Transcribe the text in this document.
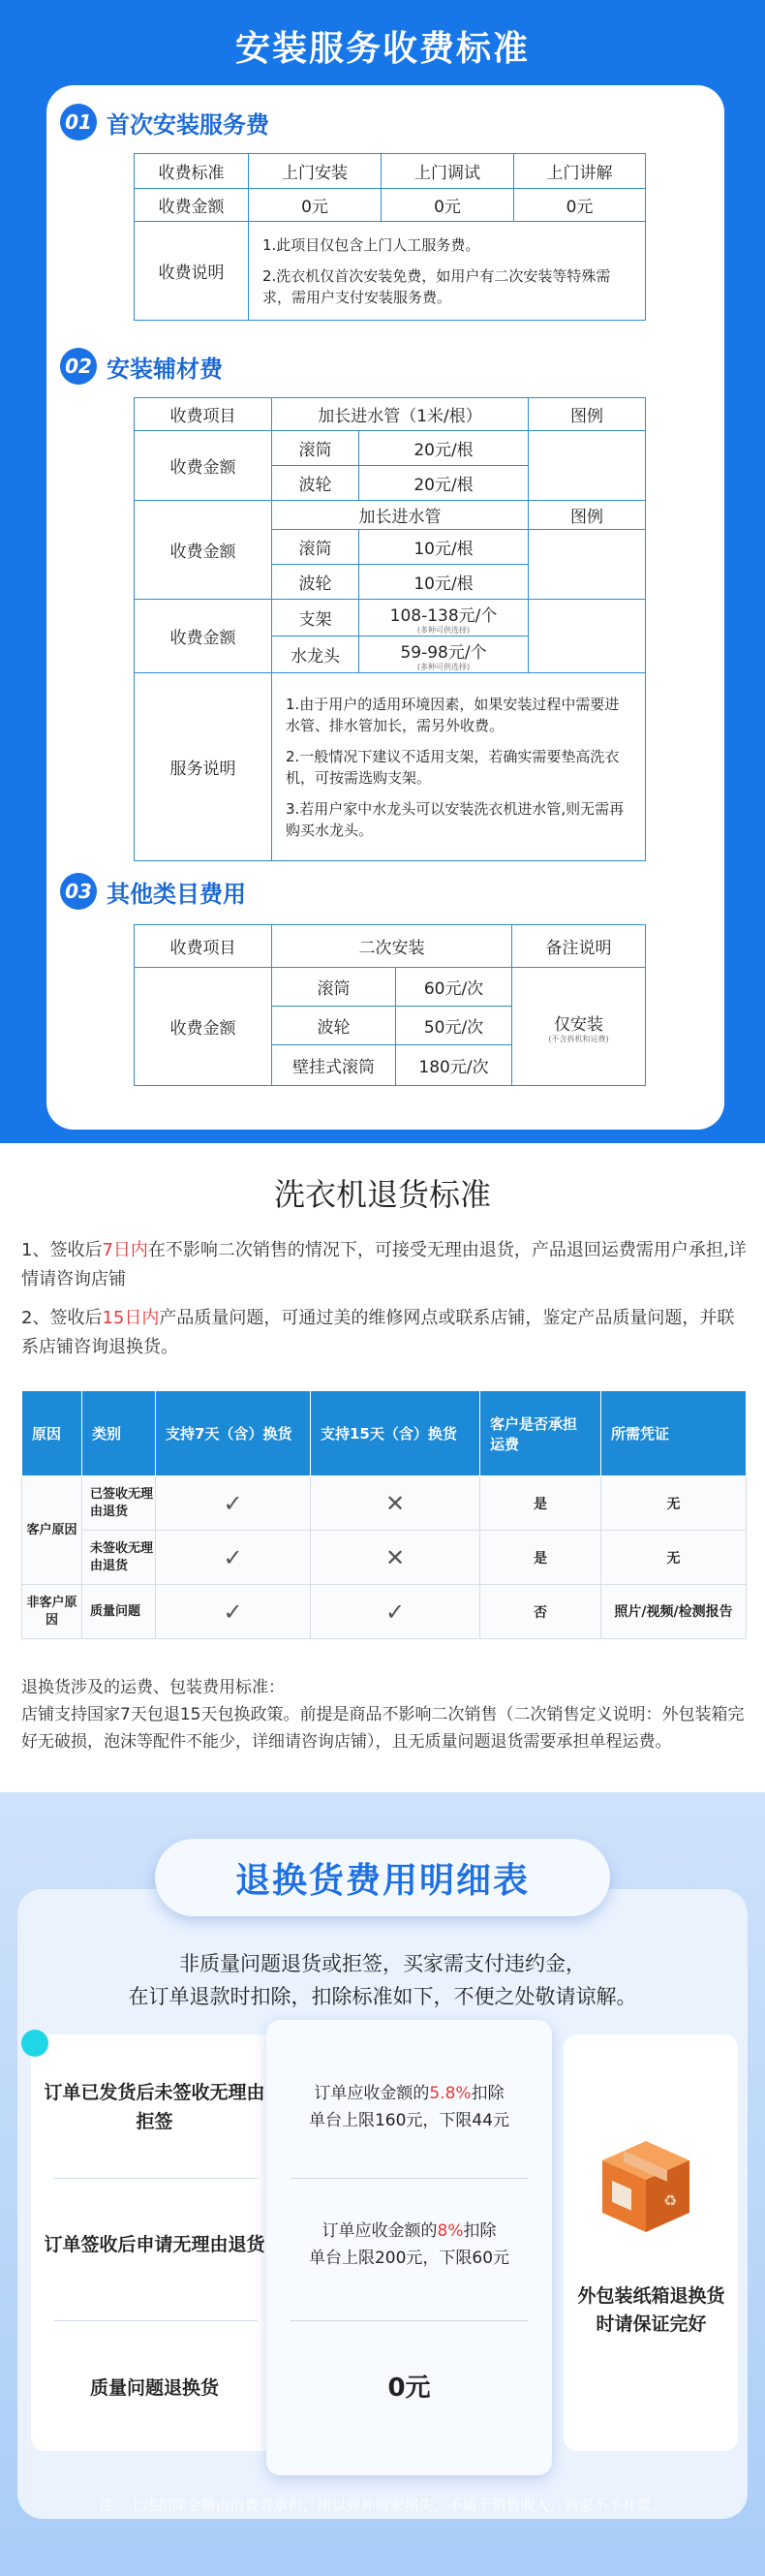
安装服务收费标准
01 首次安装服务费
收费标准	上门安装	上门调试	上门讲解
收费金额	0元	0元	0元
收费说明	1.此项目仅包含上门人工服务费。

2.洗衣机仅首次安装免费，如用户有二次安装等特殊需求，需用户支付安装服务费。		

02 安装辅材费
收费项目	加长进水管（1米/根）		图例
收费金额	滚筒	20元/根	
	波轮	20元/根	
收费金额	加长进水管		图例
	滚筒	10元/根	
	波轮	10元/根	
收费金额	支架	108-138元/个
(多种可供选择)	

	水龙头	59-98元/个
(多种可供选择)	

服务说明	1.由于用户的适用环境因素，如果安装过程中需要进水管、排水管加长，需另外收费。

2.一般情况下建议不适用支架，若确实需要垫高洗衣机，可按需选购支架。

3.若用户家中水龙头可以安装洗衣机进水管,则无需再购买水龙头。		

03 其他类目费用
收费项目	二次安装		备注说明
收费金额	滚筒	60元/次	仅安装
(不含拆机和运费)

	波轮	50元/次	
	壁挂式滚筒	180元/次	
洗衣机退货标准
1、签收后7日内在不影响二次销售的情况下，可接受无理由退货，产品退回运费需用户承担,详情请咨询店铺
2、签收后15日内产品质量问题，可通过美的维修网点或联系店铺，鉴定产品质量问题，并联系店铺咨询退换货。
原因	类别	支持7天（含）换货	支持15天（含）换货	客户是否承担运费	所需凭证
客户原因	已签收无理由退货	✓	✕	是	无
	未签收无理由退货	✓	✕	是	无
非客户原因	质量问题	✓	✓	否	照片/视频/检测报告
退换货涉及的运费、包装费用标准：
店铺支持国家7天包退15天包换政策。前提是商品不影响二次销售（二次销售定义说明：外包装箱完好无破损，泡沫等配件不能少，详细请咨询店铺），且无质量问题退货需要承担单程运费。
退换货费用明细表
非质量问题退货或拒签，买家需支付违约金，
在订单退款时扣除，扣除标准如下，不便之处敬请谅解。
订单已发货后未签收无理由拒签
订单签收后申请无理由退货
质量问题退换货
订单应收金额的5.8%扣除
单台上限160元，下限44元
订单应收金额的8%扣除
单台上限200元，下限60元
0元
♻
外包装纸箱退换货时请保证完好
注：上述扣除金额由消费者承担，用以弥补商家损失，不属于销售收入，商家不予开票。
